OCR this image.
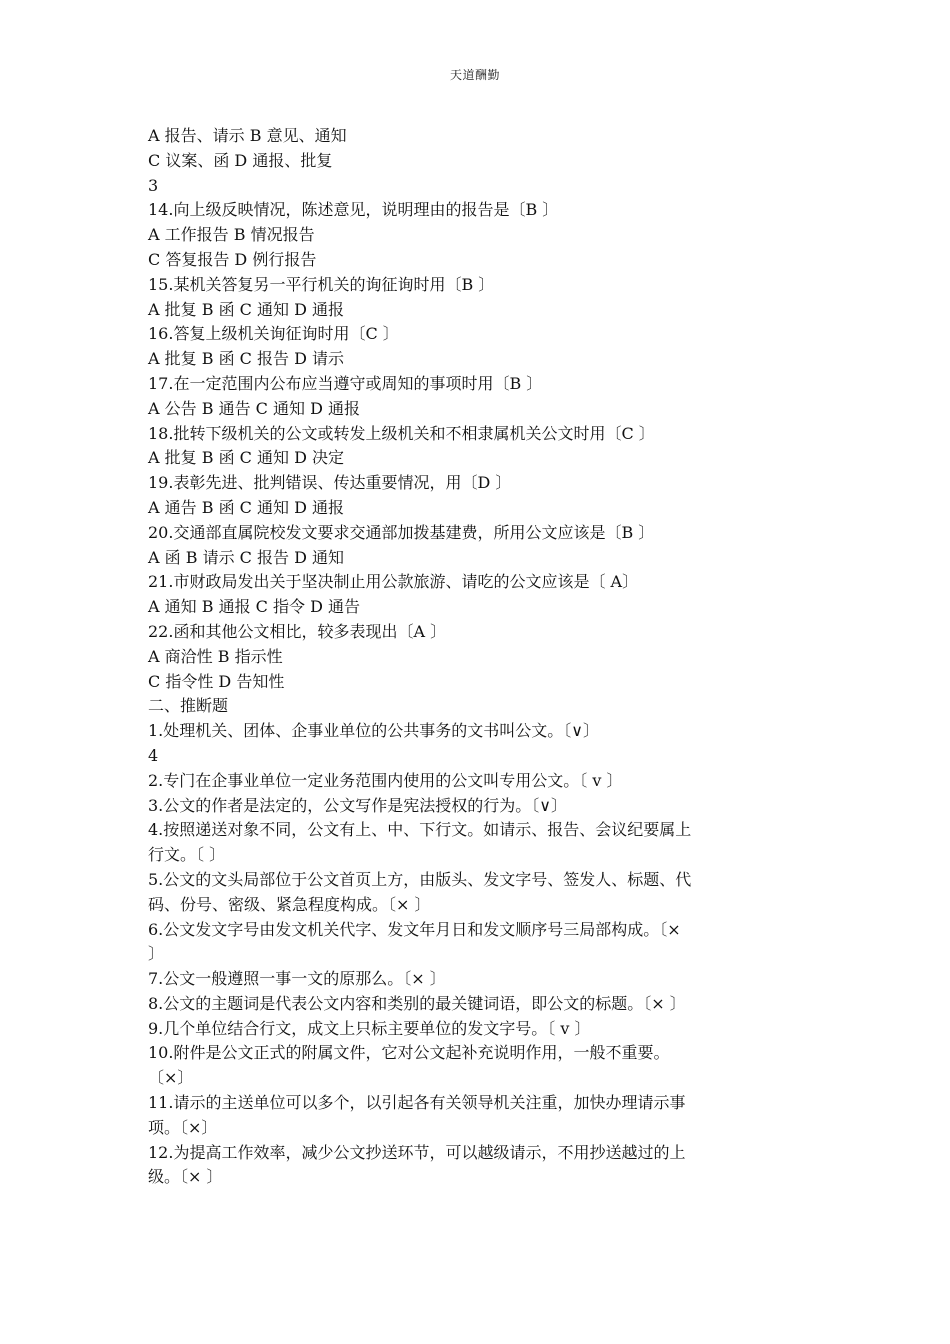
天道酬勤
A 报告、请示 B 意见、通知
C 议案、函 D 通报、批复
3
14.向上级反映情况，陈述意见，说明理由的报告是〔B 〕
A 工作报告 B 情况报告
C 答复报告 D 例行报告
15.某机关答复另一平行机关的询征询时用〔B 〕
A 批复 B 函 C 通知 D 通报
16.答复上级机关询征询时用〔C 〕
A 批复 B 函 C 报告 D 请示
17.在一定范围内公布应当遵守或周知的事项时用〔B 〕
A 公告 B 通告 C 通知 D 通报
18.批转下级机关的公文或转发上级机关和不相隶属机关公文时用〔C 〕
A 批复 B 函 C 通知 D 决定
19.表彰先进、批判错误、传达重要情况，用〔D 〕
A 通告 B 函 C 通知 D 通报
20.交通部直属院校发文要求交通部加拨基建费，所用公文应该是〔B 〕
A 函 B 请示 C 报告 D 通知
21.市财政局发出关于坚决制止用公款旅游、请吃的公文应该是〔 A〕
A 通知 B 通报 C 指令 D 通告
22.函和其他公文相比，较多表现出〔A 〕
A 商洽性 B 指示性
C 指令性 D 告知性
二、推断题
1.处理机关、团体、企事业单位的公共事务的文书叫公文。〔∨〕
4
2.专门在企事业单位一定业务范围内使用的公文叫专用公文。〔 v 〕
3.公文的作者是法定的，公文写作是宪法授权的行为。〔∨〕
4.按照递送对象不同，公文有上、中、下行文。如请示、报告、会议纪要属上
行文。〔 〕
5.公文的文头局部位于公文首页上方，由版头、发文字号、签发人、标题、代
码、份号、密级、紧急程度构成。〔× 〕
6.公文发文字号由发文机关代字、发文年月日和发文顺序号三局部构成。〔×
〕
7.公文一般遵照一事一文的原那么。〔× 〕
8.公文的主题词是代表公文内容和类别的最关键词语，即公文的标题。〔× 〕
9.几个单位结合行文，成文上只标主要单位的发文字号。〔 v 〕
10.附件是公文正式的附属文件，它对公文起补充说明作用，一般不重要。
〔×〕
11.请示的主送单位可以多个，以引起各有关领导机关注重，加快办理请示事
项。〔×〕
12.为提高工作效率，减少公文抄送环节，可以越级请示，不用抄送越过的上
级。〔× 〕
